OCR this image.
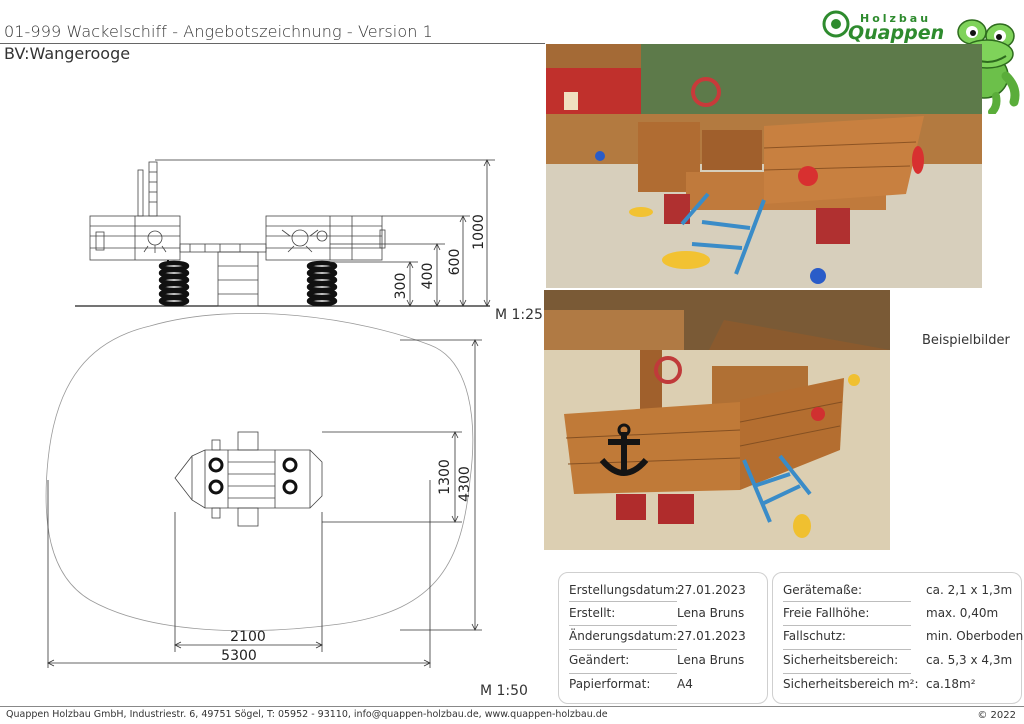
01-999 Wackelschiff - Angebotszeichnung - Version 1
BV:Wangerooge
Holzbau
Quappen
1000
600
400
300
1300 4300
2100
5300
M 1:25
M 1:50
Beispielbilder
Erstellungsdatum:
27.01.2023
Erstellt:	Lena Bruns
Änderungsdatum: 27.01.2023
Geändert:	Lena Bruns
Papierformat: A4
Gerätemaße:	ca. 2,1 x 1,3m
Freie Fallhöhe:	max. 0,40m
Fallschutz:	min. Oberboden
Sicherheitsbereich: ca. 5,3 x 4,3m
Sicherheitsbereich m²: ca.18m²
Quappen Holzbau GmbH, Industriestr. 6, 49751 Sögel, T: 05952 - 93110, info@quappen-holzbau.de, www.quappen-holzbau.de	© 2022
